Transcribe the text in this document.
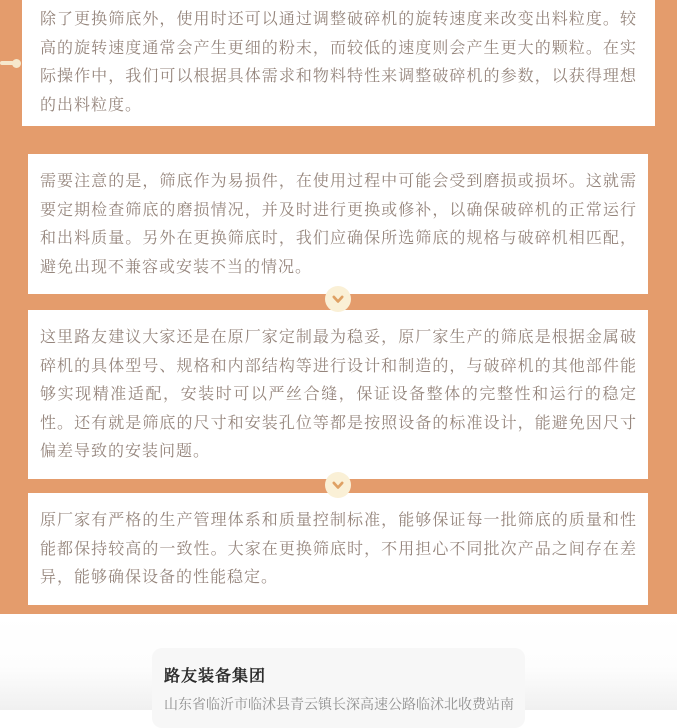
除了更换筛底外，使用时还可以通过调整破碎机的旋转速度来改变出料粒度。较高的旋转速度通常会产生更细的粉末，而较低的速度则会产生更大的颗粒。在实际操作中，我们可以根据具体需求和物料特性来调整破碎机的参数，以获得理想的出料粒度。

需要注意的是，筛底作为易损件，在使用过程中可能会受到磨损或损坏。这就需要定期检查筛底的磨损情况，并及时进行更换或修补，以确保破碎机的正常运行和出料质量。另外在更换筛底时，我们应确保所选筛底的规格与破碎机相匹配，避免出现不兼容或安装不当的情况。

这里路友建议大家还是在原厂家定制最为稳妥，原厂家生产的筛底是根据金属破碎机的具体型号、规格和内部结构等进行设计和制造的，与破碎机的其他部件能够实现精准适配，安装时可以严丝合缝，保证设备整体的完整性和运行的稳定性。还有就是筛底的尺寸和安装孔位等都是按照设备的标准设计，能避免因尺寸偏差导致的安装问题。

原厂家有严格的生产管理体系和质量控制标准，能够保证每一批筛底的质量和性能都保持较高的一致性。大家在更换筛底时，不用担心不同批次产品之间存在差异，能够确保设备的性能稳定。

路友装备集团
山东省临沂市临沭县青云镇长深高速公路临沭北收费站南
